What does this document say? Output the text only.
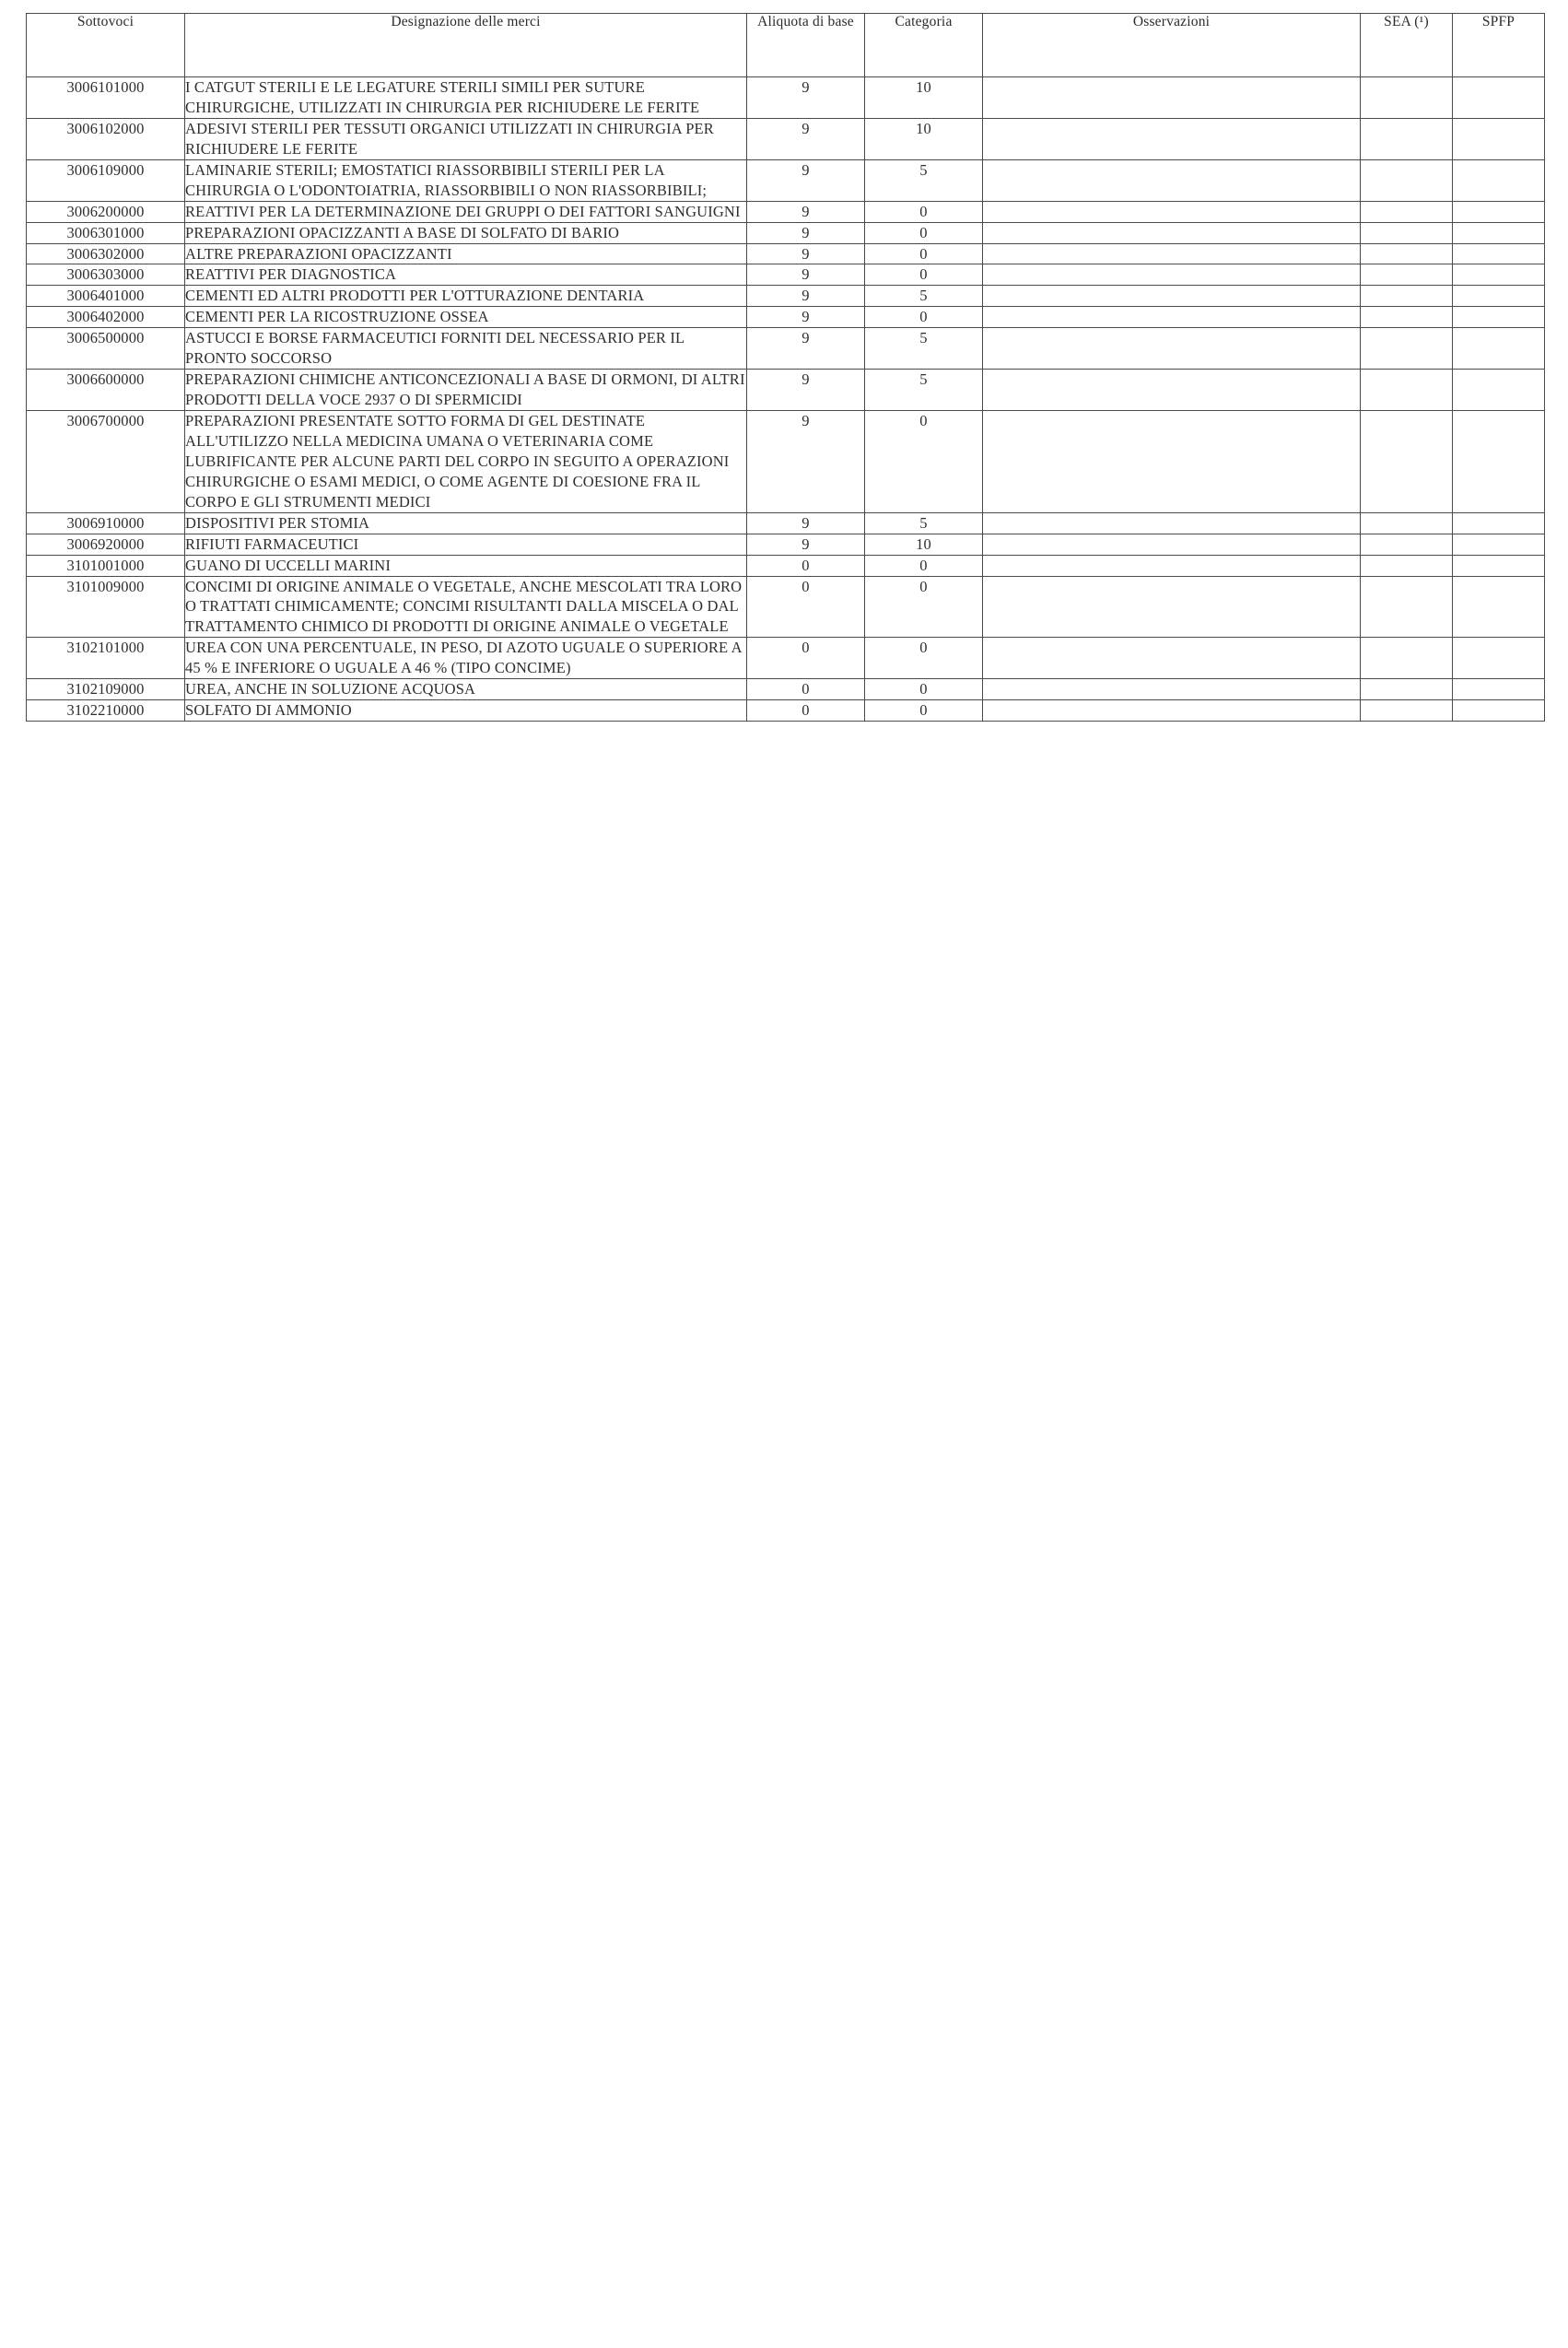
Sottovoci	Designazione delle merci	Aliquota di base	Categoria	Osservazioni	SEA (¹)	SPFP
3006101000	I CATGUT STERILI E LE LEGATURE STERILI SIMILI PER SUTURE CHIRURGICHE, UTILIZZATI IN CHIRURGIA PER RICHIUDERE LE FERITE	9	10			
3006102000	ADESIVI STERILI PER TESSUTI ORGANICI UTILIZZATI IN CHIRURGIA PER RICHIUDERE LE FERITE	9	10			
3006109000	LAMINARIE STERILI; EMOSTATICI RIASSORBIBILI STERILI PER LA CHIRURGIA O L'ODONTOIATRIA, RIASSORBIBILI O NON RIASSORBIBILI;	9	5			
3006200000	REATTIVI PER LA DETERMINAZIONE DEI GRUPPI O DEI FATTORI SANGUIGNI	9	0			
3006301000	PREPARAZIONI OPACIZZANTI A BASE DI SOLFATO DI BARIO	9	0			
3006302000	ALTRE PREPARAZIONI OPACIZZANTI	9	0			
3006303000	REATTIVI PER DIAGNOSTICA	9	0			
3006401000	CEMENTI ED ALTRI PRODOTTI PER L'OTTURAZIONE DENTARIA	9	5			
3006402000	CEMENTI PER LA RICOSTRUZIONE OSSEA	9	0			
3006500000	ASTUCCI E BORSE FARMACEUTICI FORNITI DEL NECESSARIO PER IL PRONTO SOCCORSO	9	5			
3006600000	PREPARAZIONI CHIMICHE ANTICONCEZIONALI A BASE DI ORMONI, DI ALTRI PRODOTTI DELLA VOCE 2937 O DI SPERMICIDI	9	5			
3006700000	PREPARAZIONI PRESENTATE SOTTO FORMA DI GEL DESTINATE ALL'UTILIZZO NELLA MEDICINA UMANA O VETERINARIA COME LUBRIFICANTE PER ALCUNE PARTI DEL CORPO IN SEGUITO A OPERAZIONI CHIRURGICHE O ESAMI MEDICI, O COME AGENTE DI COESIONE FRA IL CORPO E GLI STRUMENTI MEDICI	9	0			
3006910000	DISPOSITIVI PER STOMIA	9	5			
3006920000	RIFIUTI FARMACEUTICI	9	10			
3101001000	GUANO DI UCCELLI MARINI	0	0			
3101009000	CONCIMI DI ORIGINE ANIMALE O VEGETALE, ANCHE MESCOLATI TRA LORO O TRATTATI CHIMICAMENTE; CONCIMI RISULTANTI DALLA MISCELA O DAL TRATTAMENTO CHIMICO DI PRODOTTI DI ORIGINE ANIMALE O VEGETALE	0	0			
3102101000	UREA CON UNA PERCENTUALE, IN PESO, DI AZOTO UGUALE O SUPERIORE A 45 % E INFERIORE O UGUALE A 46 % (TIPO CONCIME)	0	0			
3102109000	UREA, ANCHE IN SOLUZIONE ACQUOSA	0	0			
3102210000	SOLFATO DI AMMONIO	0	0			
